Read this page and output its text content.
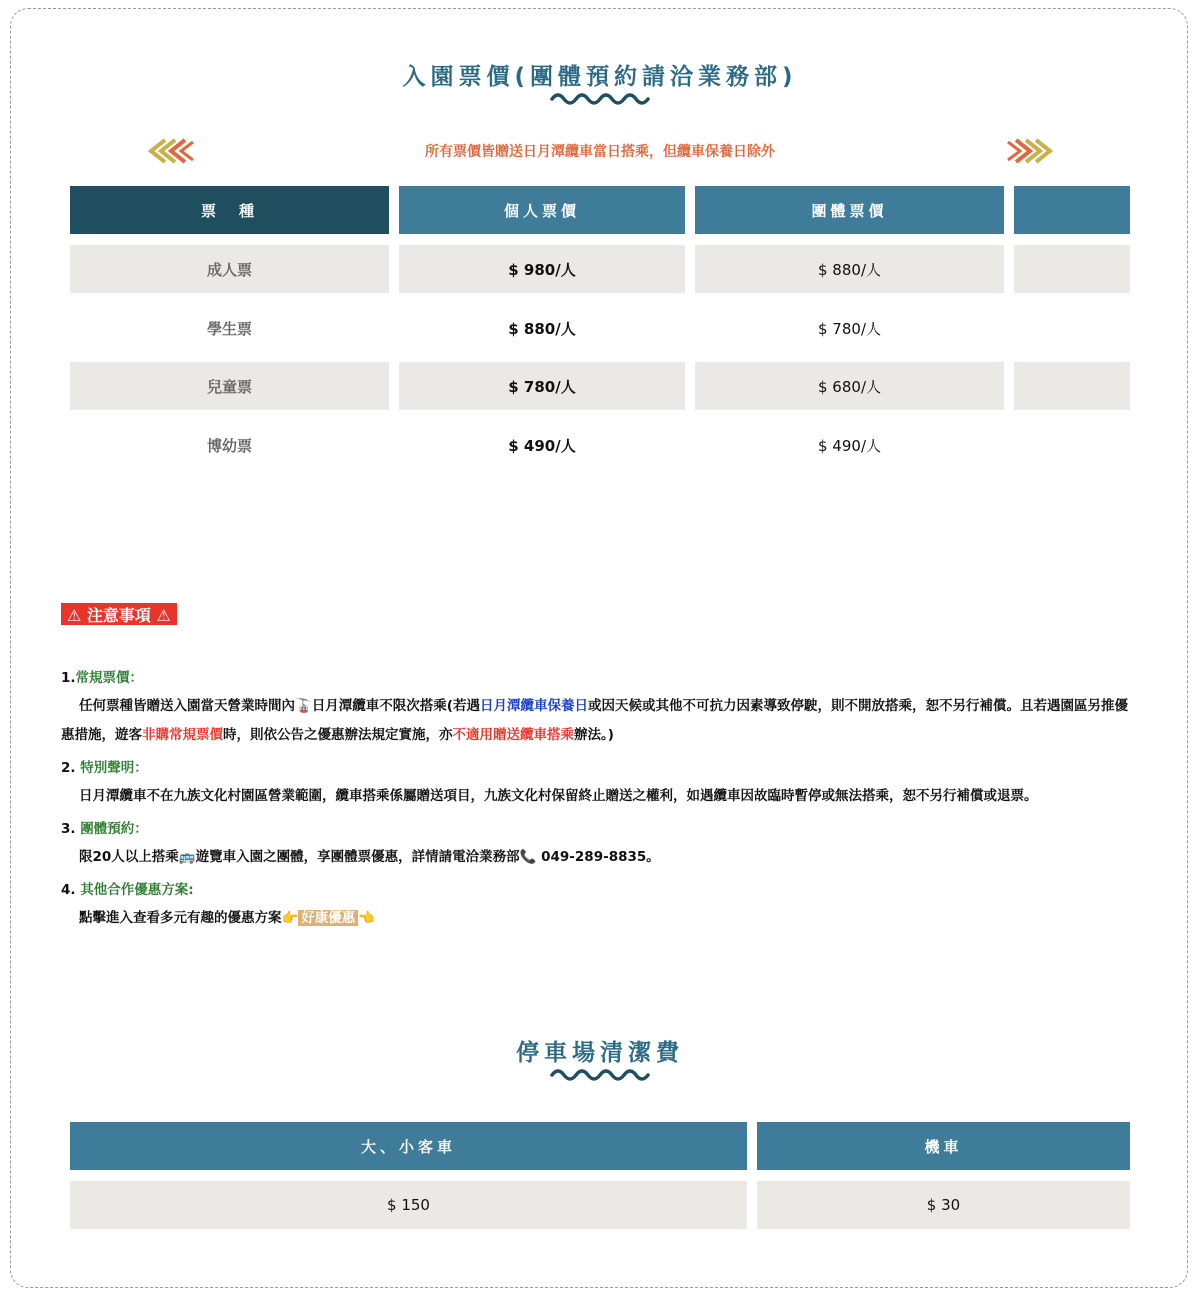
入園票價(團體預約請洽業務部)
所有票價皆贈送日月潭纜車當日搭乘，但纜車保養日除外
票　種	個人票價	團體票價
成人票	$ 980/人	$ 880/人
學生票	$ 880/人	$ 780/人
兒童票	$ 780/人	$ 680/人
博幼票	$ 490/人	$ 490/人
⚠ 注意事項 ⚠
1.常規票價：
任何票種皆贈送入園當天營業時間內🚡日月潭纜車不限次搭乘(若遇日月潭纜車保養日或因天候或其他不可抗力因素導致停駛，則不開放搭乘，恕不另行補償。且若遇園區另推優惠措施，遊客非購常規票價時，則依公告之優惠辦法規定實施，亦不適用贈送纜車搭乘辦法。)
2. 特別聲明：
日月潭纜車不在九族文化村園區營業範圍，纜車搭乘係屬贈送項目，九族文化村保留終止贈送之權利，如遇纜車因故臨時暫停或無法搭乘，恕不另行補償或退票。
3. 團體預約：
限20人以上搭乘🚌遊覽車入園之團體，享團體票優惠，詳情請電洽業務部📞 049-289-8835。
4. 其他合作優惠方案:
點擊進入查看多元有趣的優惠方案👉 好康優惠 👈
停車場清潔費
大、小客車	機車
$ 150	$ 30
